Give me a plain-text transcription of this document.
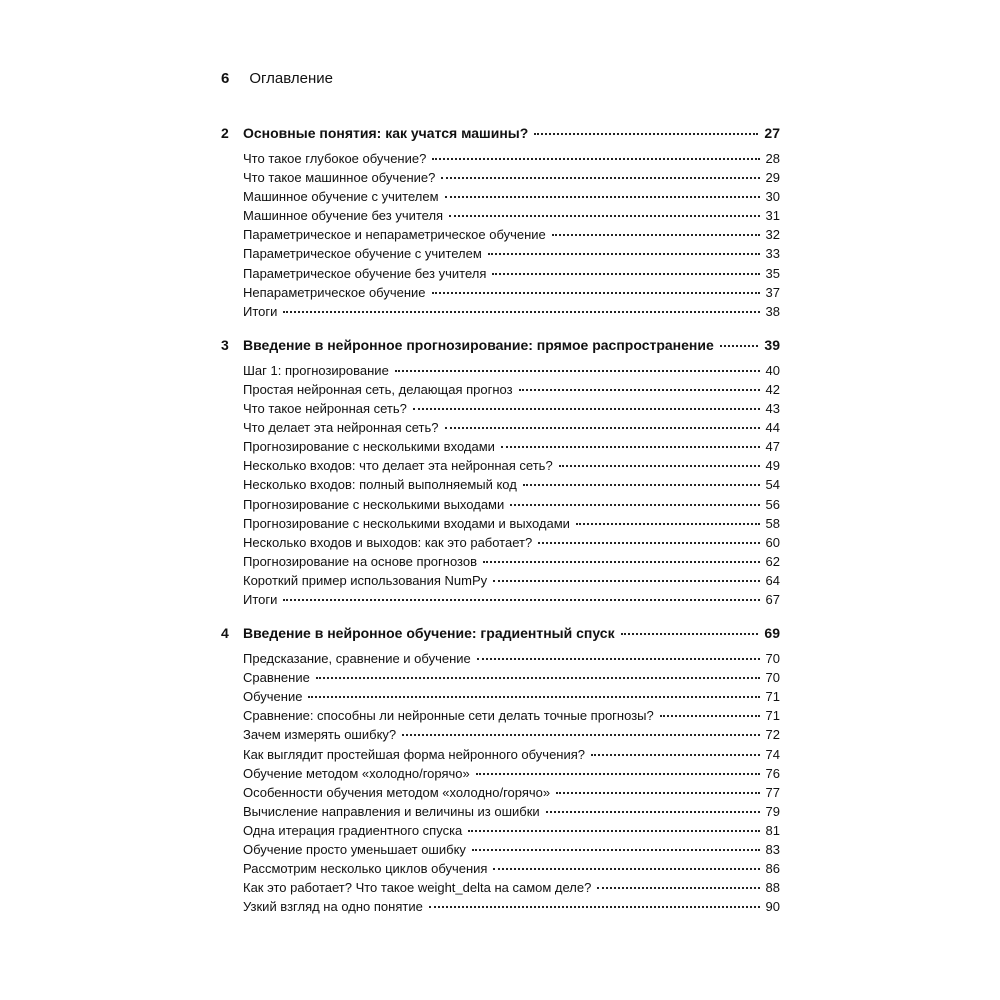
6 Оглавление
2	Основные понятия: как учатся машины?	27
Что такое глубокое обучение?	28
Что такое машинное обучение?	29
Машинное обучение с учителем	30
Машинное обучение без учителя	31
Параметрическое и непараметрическое обучение	32
Параметрическое обучение с учителем	33
Параметрическое обучение без учителя	35
Непараметрическое обучение	37
Итоги	38
3	Введение в нейронное прогнозирование: прямое распространение	39
Шаг 1: прогнозирование	40
Простая нейронная сеть, делающая прогноз	42
Что такое нейронная сеть?	43
Что делает эта нейронная сеть?	44
Прогнозирование с несколькими входами	47
Несколько входов: что делает эта нейронная сеть?	49
Несколько входов: полный выполняемый код	54
Прогнозирование с несколькими выходами	56
Прогнозирование с несколькими входами и выходами	58
Несколько входов и выходов: как это работает?	60
Прогнозирование на основе прогнозов	62
Короткий пример использования NumPy	64
Итоги	67
4	Введение в нейронное обучение: градиентный спуск	69
Предсказание, сравнение и обучение	70
Сравнение	70
Обучение	71
Сравнение: способны ли нейронные сети делать точные прогнозы?	71
Зачем измерять ошибку?	72
Как выглядит простейшая форма нейронного обучения?	74
Обучение методом «холодно/горячо»	76
Особенности обучения методом «холодно/горячо»	77
Вычисление направления и величины из ошибки	79
Одна итерация градиентного спуска	81
Обучение просто уменьшает ошибку	83
Рассмотрим несколько циклов обучения	86
Как это работает? Что такое weight_delta на самом деле?	88
Узкий взгляд на одно понятие	90
